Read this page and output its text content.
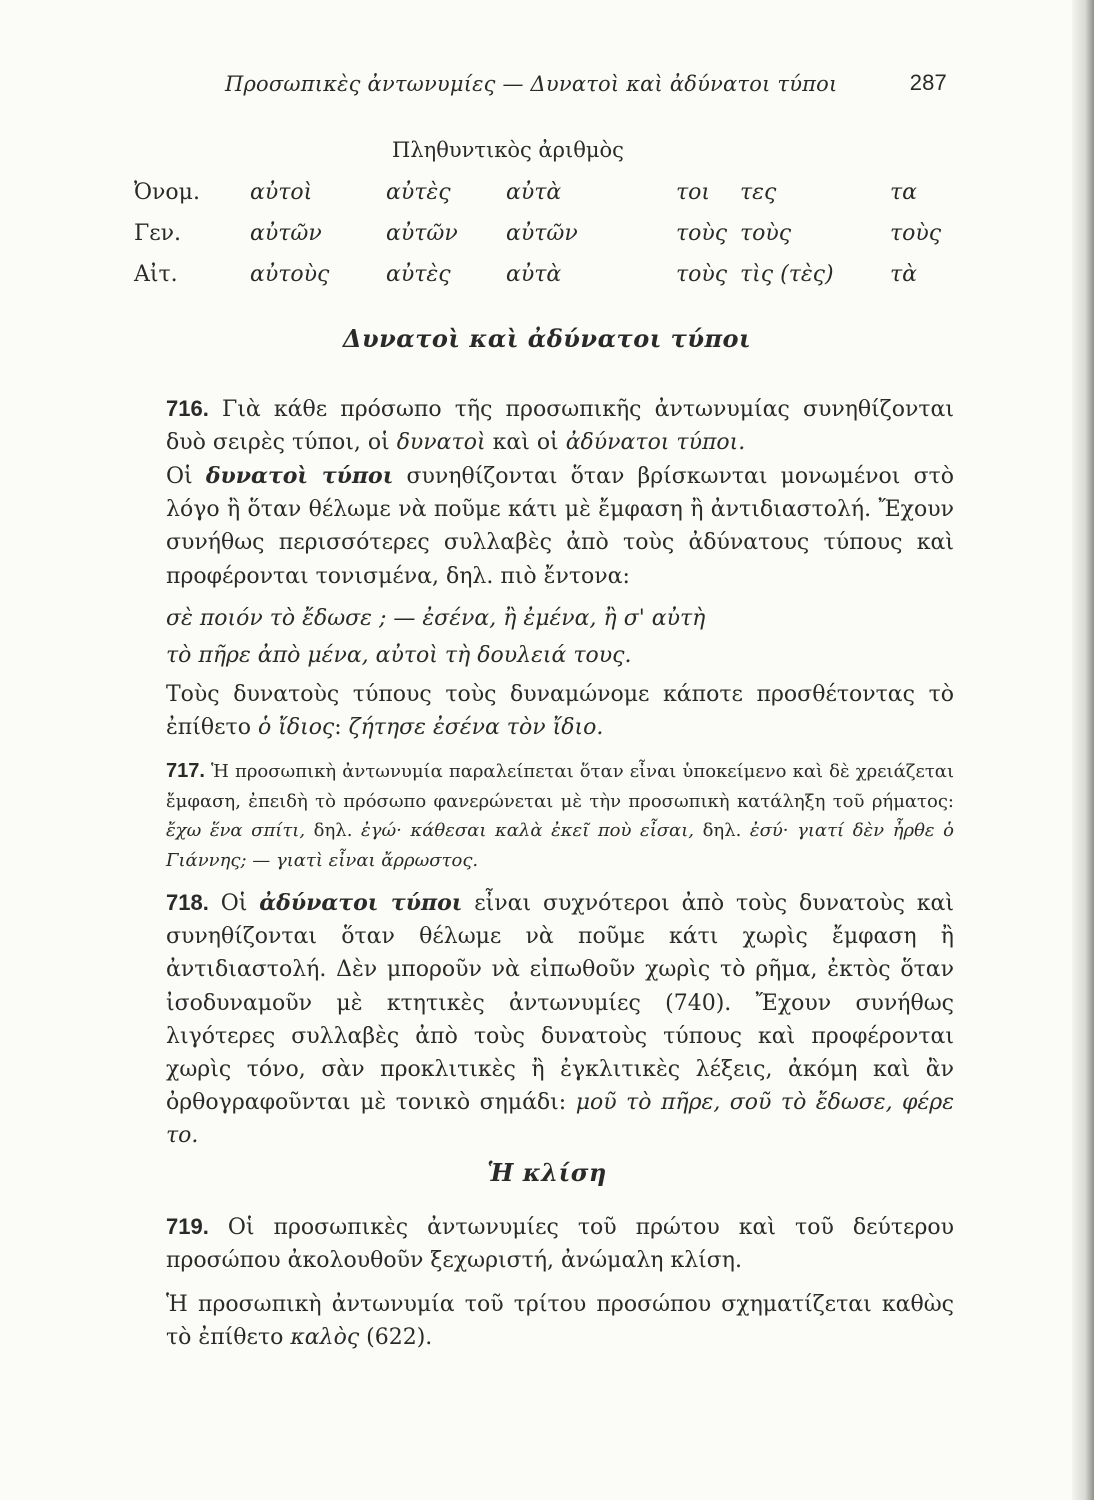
Προσωπικὲς ἀντωνυμίες — Δυνατοὶ καὶ ἀδύνατοι τύποι	287
Πληθυντικὸς ἀριθμὸς
Ὀνομ.	αὐτοὶ	αὐτὲς	αὐτὰ	τοι	τες	τα
Γεν.	αὐτῶν	αὐτῶν	αὐτῶν	τοὺς	τοὺς	τοὺς
Αἰτ.	αὐτοὺς	αὐτὲς	αὐτὰ	τοὺς	τὶς (τὲς)	τὰ
Δυνατοὶ καὶ ἀδύνατοι τύποι
716. Γιὰ κάθε πρόσωπο τῆς προσωπικῆς ἀντωνυμίας συνηθίζονται δυὸ σειρὲς τύποι, οἱ δυνατοὶ καὶ οἱ ἀδύνατοι τύποι.
Οἱ δυνατοὶ τύποι συνηθίζονται ὅταν βρίσκωνται μονωμένοι στὸ λόγο ἢ ὅταν θέλωμε νὰ ποῦμε κάτι μὲ ἔμφαση ἢ ἀντιδιαστολή. Ἔχουν συνήθως περισσότερες συλλαβὲς ἀπὸ τοὺς ἀδύνατους τύπους καὶ προφέρονται τονισμένα, δηλ. πιὸ ἔντονα:
σὲ ποιόν τὸ ἔδωσε ; — ἐσένα, ἢ ἐμένα, ἢ σ' αὐτὴ
τὸ πῆρε ἀπὸ μένα, αὐτοὶ τὴ δουλειά τους.
Τοὺς δυνατοὺς τύπους τοὺς δυναμώνομε κάποτε προσθέτοντας τὸ ἐπίθετο ὁ ἴδιος: ζήτησε ἐσένα τὸν ἴδιο.
717. Ἡ προσωπικὴ ἀντωνυμία παραλείπεται ὅταν εἶναι ὑποκείμενο καὶ δὲ χρειάζεται ἔμφαση, ἐπειδὴ τὸ πρόσωπο φανερώνεται μὲ τὴν προσωπικὴ κατάληξη τοῦ ρήματος: ἔχω ἕνα σπίτι, δηλ. ἐγώ· κάθεσαι καλὰ ἐκεῖ ποὺ εἶσαι, δηλ. ἐσύ· γιατί δὲν ἦρθε ὁ Γιάννης; — γιατὶ εἶναι ἄρρωστος.
718. Οἱ ἀδύνατοι τύποι εἶναι συχνότεροι ἀπὸ τοὺς δυνατοὺς καὶ συνηθίζονται ὅταν θέλωμε νὰ ποῦμε κάτι χωρὶς ἔμφαση ἢ ἀντιδιαστολή. Δὲν μποροῦν νὰ εἰπωθοῦν χωρὶς τὸ ρῆμα, ἐκτὸς ὅταν ἰσοδυναμοῦν μὲ κτητικὲς ἀντωνυμίες (740). Ἔχουν συνήθως λιγότερες συλλαβὲς ἀπὸ τοὺς δυνατοὺς τύπους καὶ προφέρονται χωρὶς τόνο, σὰν προκλιτικὲς ἢ ἐγκλιτικὲς λέξεις, ἀκόμη καὶ ἂν ὀρθογραφοῦνται μὲ τονικὸ σημάδι: μοῦ τὸ πῆρε, σοῦ τὸ ἔδωσε, φέρε το.
Ἡ κλίση
719. Οἱ προσωπικὲς ἀντωνυμίες τοῦ πρώτου καὶ τοῦ δεύτερου προσώπου ἀκολουθοῦν ξεχωριστή, ἀνώμαλη κλίση.
Ἡ προσωπικὴ ἀντωνυμία τοῦ τρίτου προσώπου σχηματίζεται καθὼς τὸ ἐπίθετο καλὸς (622).
